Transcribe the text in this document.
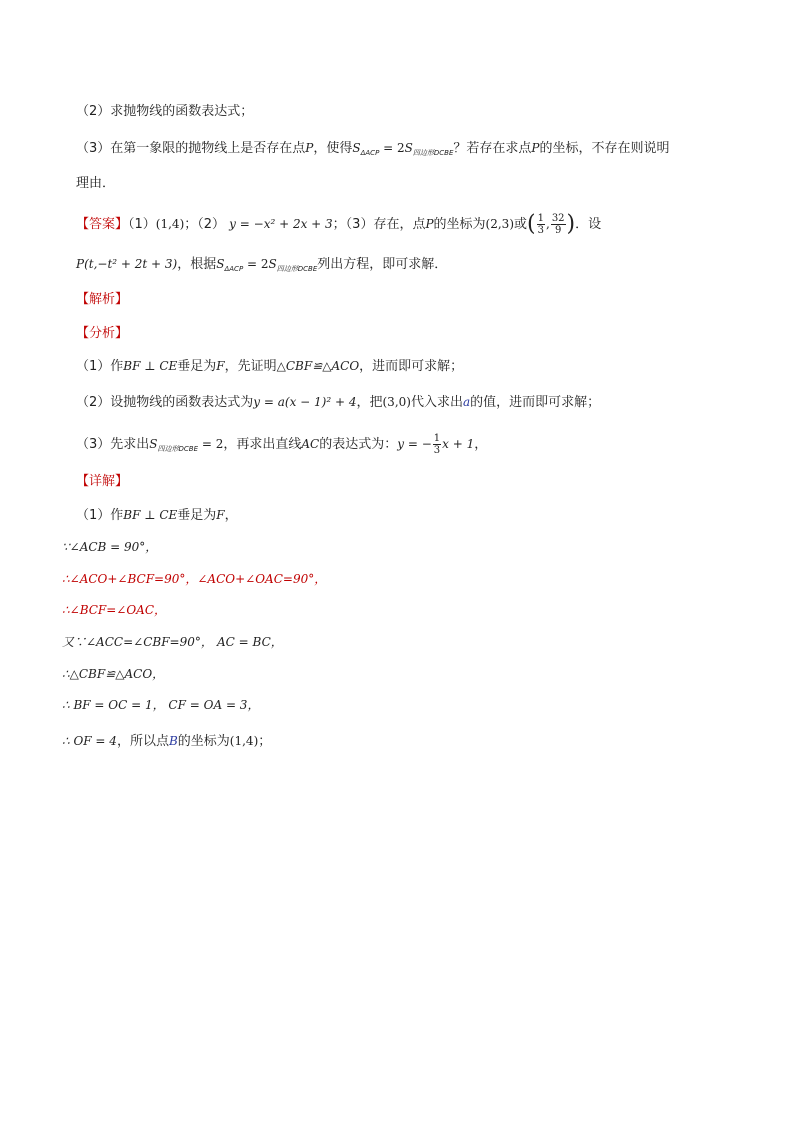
（2）求抛物线的函数表达式；
（3）在第一象限的抛物线上是否存在点P，使得$S_{\Delta ACP} = 2S_{四边形DCBE}$？若存在求点P的坐标，不存在则说明
理由．
【答案】（1）(1,4)；（2） y = −x² + 2x + 3；（3）存在，点P的坐标为(2,3)或( $\frac{1}{3}$ , $\frac{32}{9}$ )．设
P(t,−t² + 2t + 3)，根据$S_{\Delta ACP} = 2S_{四边形DCBE}$列出方程，即可求解．
【解析】
【分析】
（1）作BF ⊥ CE垂足为F，先证明△CBF≌△ACO，进而即可求解；
（2）设抛物线的函数表达式为y = a(x − 1)² + 4，把(3,0)代入求出a的值，进而即可求解；
（3）先求出$S_{四边形DCBE} = 2$，再求出直线AC的表达式为：y = − $\frac{1}{3}$ x + 1，
【详解】
（1）作BF ⊥ CE垂足为F，
∵∠ACB = 90°，
∴∠ACO+∠BCF=90°，∠ACO+∠OAC=90°，
∴∠BCF=∠OAC，
又∵∠ACC=∠CBF=90°， AC = BC，
∴△CBF≌△ACO，
∴ BF = OC = 1， CF = OA = 3，
∴ OF = 4，所以点B的坐标为(1,4)；
